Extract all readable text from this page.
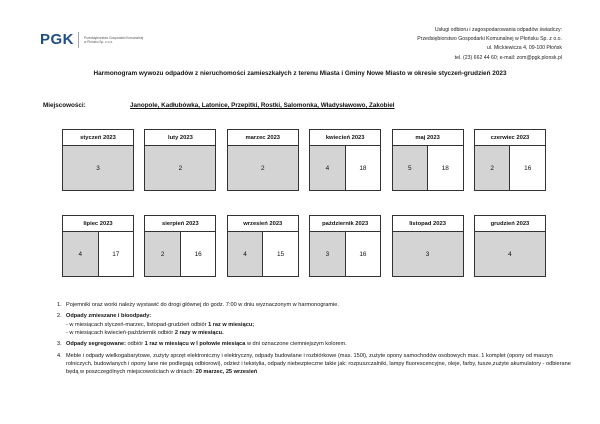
PGK	Przedsiębiorstwo Gospodarki Komunalnej w Płońsku Sp. z o.o.
Usługi odbioru i zagospodarowania odpadów świadczy:
Przedsiębiorstwo Gospodarki Komunalnej w Płońsku Sp. z o.o.
ul. Mickiewicza 4, 09-100 Płońsk
tel. (23) 662 44 60; e-mail: zom@pgk.plonsk.pl
Harmonogram wywozu odpadów z nieruchomości zamieszkałych z terenu Miasta i Gminy Nowe Miasto w okresie styczeń-grudzień 2023
Miejscowości:	Janopole, Kadłubówka, Latonice, Przepitki, Rostki, Salomonka, Władysławowo, Zakobiel
styczeń 2023
3
luty 2023
2
marzec 2023
2
kwiecień 2023
4	18
maj 2023
5	18
czerwiec 2023
2	16
lipiec 2023
4	17
sierpień 2023
2	16
wrzesień 2023
4	15
październik 2023
3	16
listopad 2023
3
grudzień 2023
4
1. Pojemniki oraz worki należy wystawić do drogi głównej do godz. 7:00 w dniu wyznaczonym w harmonogramie.
2. Odpady zmieszane i bioodpady:
- w miesiącach styczeń-marzec, listopad-grudzień odbiór 1 raz w miesiącu;
- w miesiącach kwiecień-październik odbiór 2 razy w miesiącu.
3. Odpady segregowane: odbiór 1 raz w miesiącu w I połowie miesiąca w dni oznaczone ciemniejszym kolorem.
4. Meble i odpady wielkogabarytowe, zużyty sprzęt elektroniczny i elektryczny, odpady budowlane i rozbiórkowe (max. 150l), zużyte opony samochodów osobowych max. 1 komplet (opony od maszyn rolniczych, budowlanych i opony lane nie podlegają odbiorowi), odzież i tekstylia, odpady niebezpieczne takie jak: rozpuszczalniki, lampy fluorescencyjne, oleje, farby, tusze,zużyte akumulatory - odbierane będą w poszczególnych miejscowościach w dniach: 20 marzec, 25 wrzesień
